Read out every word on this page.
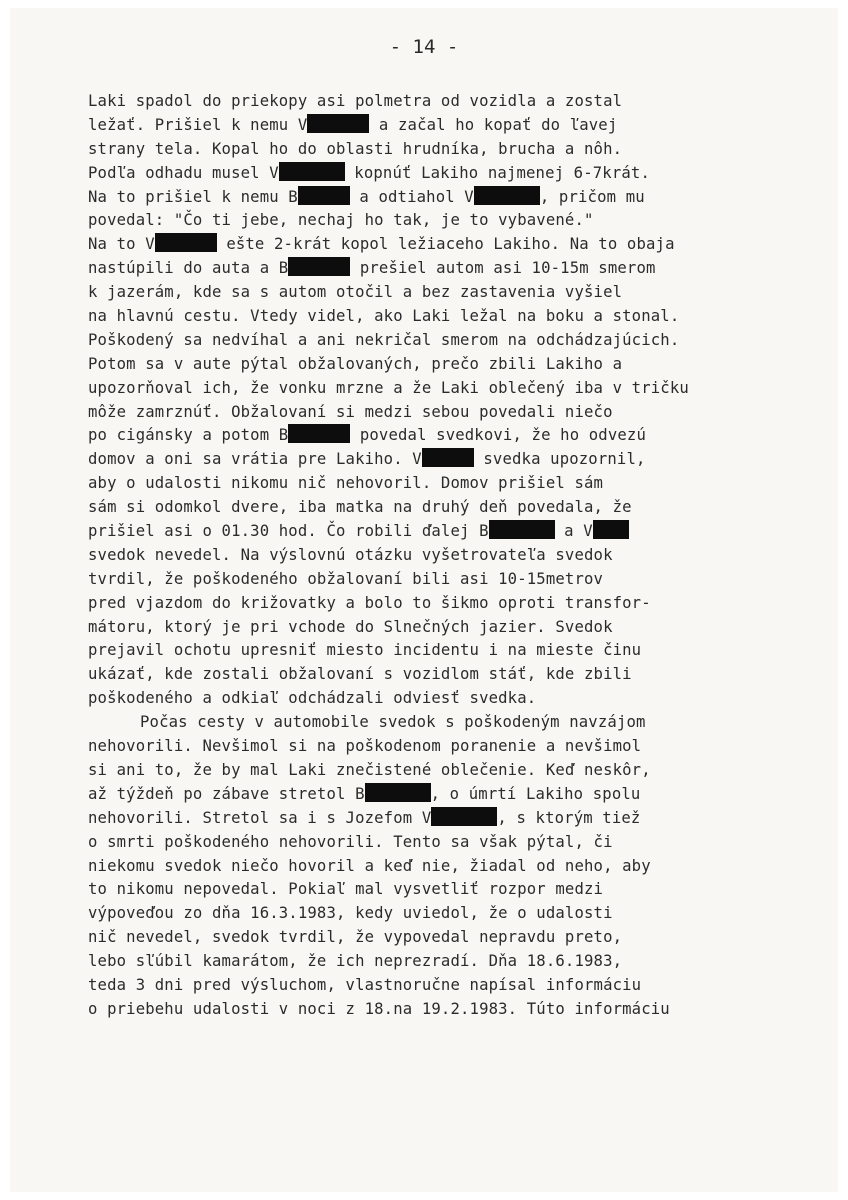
- 14 -
Laki spadol do priekopy asi polmetra od vozidla a zostal
ležať. Prišiel k nemu V	a začal ho kopať do ľavej
strany tela. Kopal ho do oblasti hrudníka, brucha a nôh.
Podľa odhadu musel V	kopnúť Lakiho najmenej 6-7krát.
Na to prišiel k nemu B	a odtiahol V	, pričom mu
povedal: "Čo ti jebe, nechaj ho tak, je to vybavené."
Na to V	ešte 2-krát kopol ležiaceho Lakiho. Na to obaja
nastúpili do auta a B	prešiel autom asi 10-15m smerom
k jazerám, kde sa s autom otočil a bez zastavenia vyšiel
na hlavnú cestu. Vtedy videl, ako Laki ležal na boku a stonal.
Poškodený sa nedvíhal a ani nekričal smerom na odchádzajúcich.
Potom sa v aute pýtal obžalovaných, prečo zbili Lakiho a
upozorňoval ich, že vonku mrzne a že Laki oblečený iba v tričku
môže zamrznúť. Obžalovaní si medzi sebou povedali niečo
po cigánsky a potom B	povedal svedkovi, že ho odvezú
domov a oni sa vrátia pre Lakiho. V	svedka upozornil,
aby o udalosti nikomu nič nehovoril. Domov prišiel sám
sám si odomkol dvere, iba matka na druhý deň povedala, že
prišiel asi o 01.30 hod. Čo robili ďalej B	a V
svedok nevedel. Na výslovnú otázku vyšetrovateľa svedok
tvrdil, že poškodeného obžalovaní bili asi 10-15metrov
pred vjazdom do križovatky a bolo to šikmo oproti transfor-
mátoru, ktorý je pri vchode do Slnečných jazier. Svedok
prejavil ochotu upresniť miesto incidentu i na mieste činu
ukázať, kde zostali obžalovaní s vozidlom stáť, kde zbili
poškodeného a odkiaľ odchádzali odviesť svedka.
Počas cesty v automobile svedok s poškodeným navzájom
nehovorili. Nevšimol si na poškodenom poranenie a nevšimol
si ani to, že by mal Laki znečistené oblečenie. Keď neskôr,
až týždeň po zábave stretol B	, o úmrtí Lakiho spolu
nehovorili. Stretol sa i s Jozefom V	, s ktorým tiež
o smrti poškodeného nehovorili. Tento sa však pýtal, či
niekomu svedok niečo hovoril a keď nie, žiadal od neho, aby
to nikomu nepovedal. Pokiaľ mal vysvetliť rozpor medzi
výpoveďou zo dňa 16.3.1983, kedy uviedol, že o udalosti
nič nevedel, svedok tvrdil, že vypovedal nepravdu preto,
lebo sľúbil kamarátom, že ich neprezradí. Dňa 18.6.1983,
teda 3 dni pred výsluchom, vlastnoručne napísal informáciu
o priebehu udalosti v noci z 18.na 19.2.1983. Túto informáciu
